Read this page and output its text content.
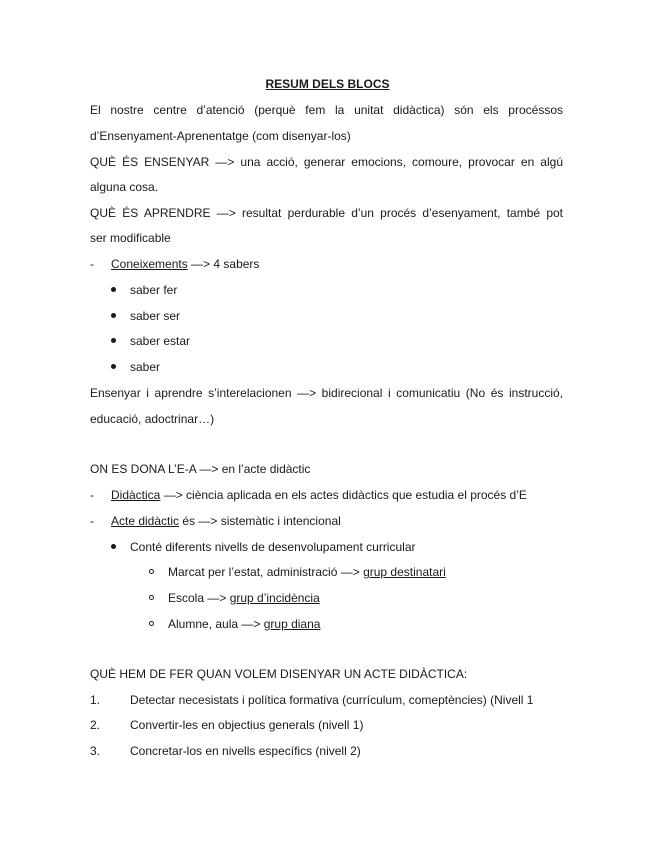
RESUM DELS BLOCS
El nostre centre d’atenció (perquè fem la unitat didàctica) són els procéssos
d’Ensenyament-Aprenentatge (com disenyar-los)
QUÈ ÉS ENSENYAR —> una acció, generar emocions, comoure, provocar en algú
alguna cosa.
QUÈ ÉS APRENDRE —> resultat perdurable d’un procés d’esenyament, també pot
ser modificable
- Coneixements —> 4 sabers
saber fer
saber ser
saber estar
saber
Ensenyar i aprendre s’interelacionen —> bidirecional i comunicatiu (No és instrucció,
educació, adoctrinar…)
ON ES DONA L’E-A —> en l’acte didàctic
- Didàctica —> ciència aplicada en els actes didàctics que estudia el procés d’E
- Acte didàctic és —> sistemàtic i intencional
Conté diferents nivells de desenvolupament curricular
Marcat per l’estat, administració —> grup destinatari
Escola —> grup d’incidència
Alumne, aula —> grup diana
QUÈ HEM DE FER QUAN VOLEM DISENYAR UN ACTE DIDÀCTICA:
1. Detectar necesistats i política formativa (currículum, comeptències) (Nivell 1
2. Convertir-les en objectius generals (nivell 1)
3. Concretar-los en nivells específics (nivell 2)
